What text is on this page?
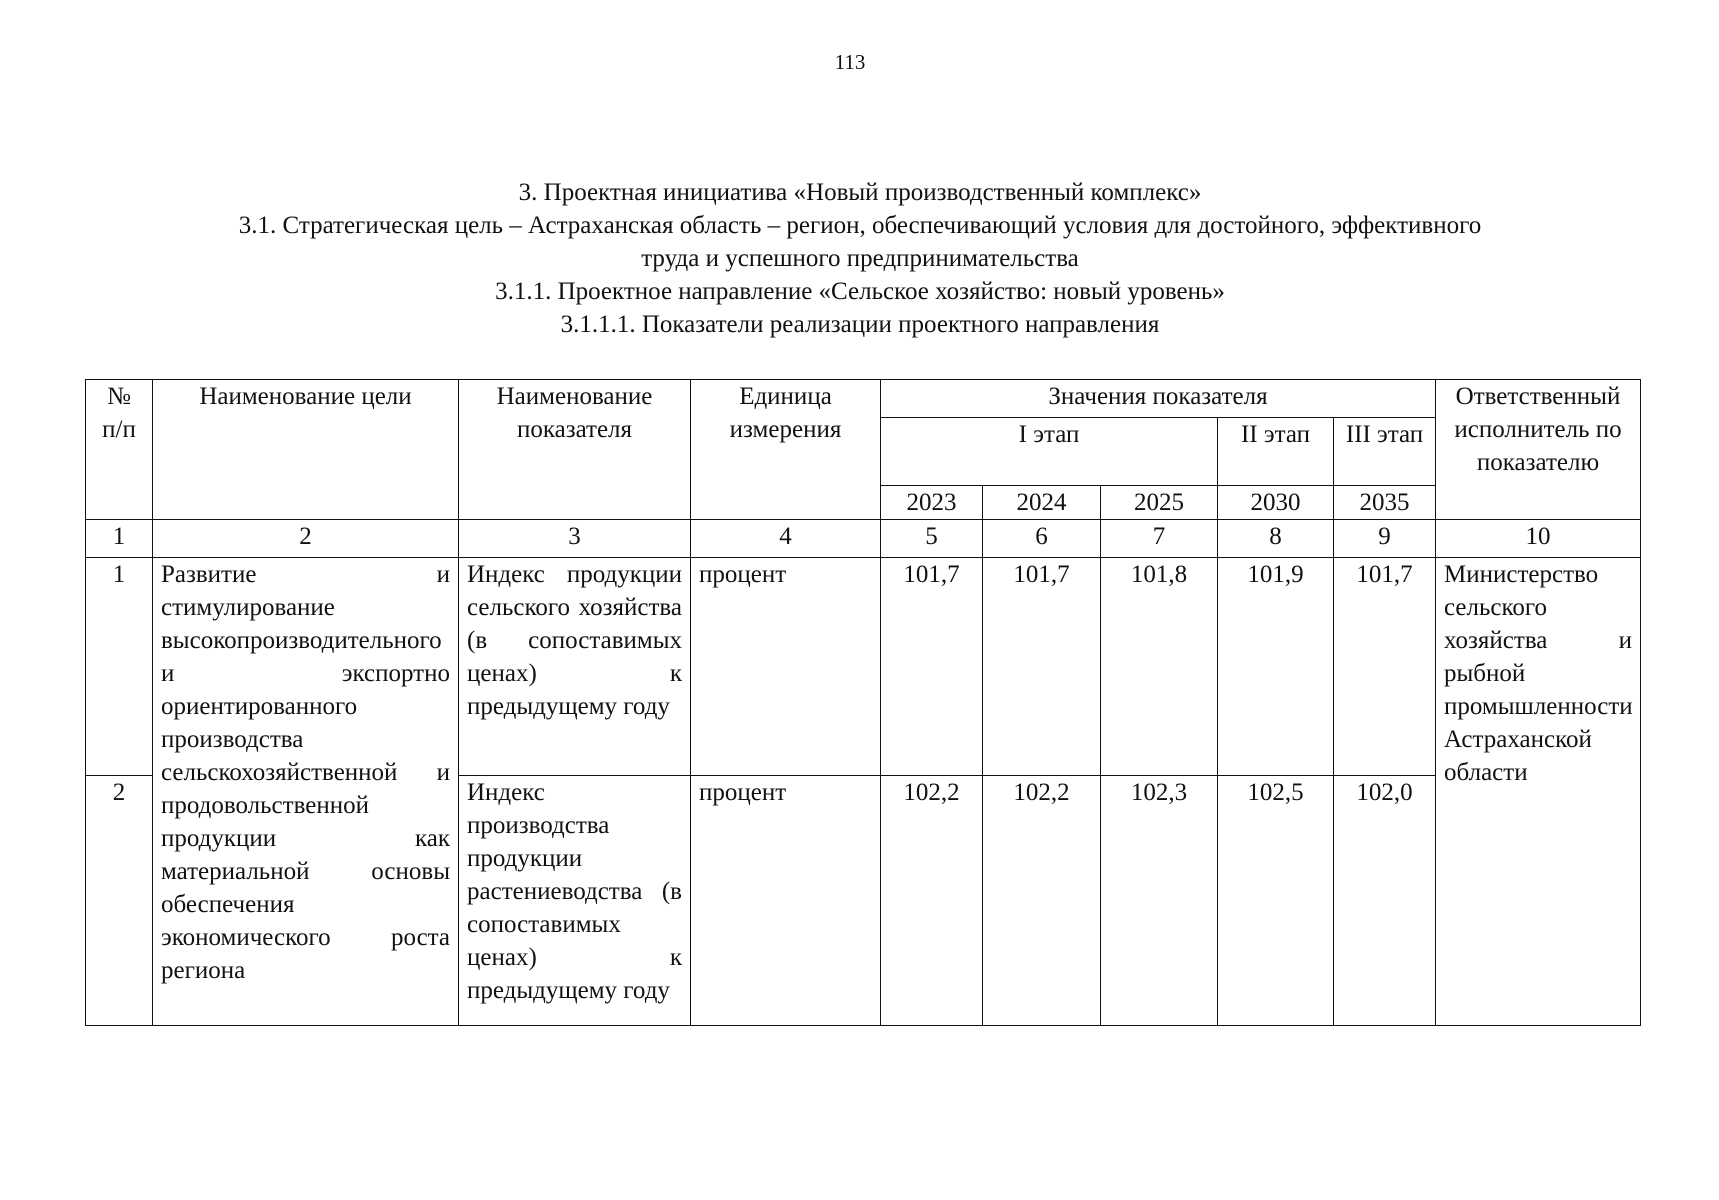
113
3. Проектная инициатива «Новый производственный комплекс»
3.1. Стратегическая цель – Астраханская область – регион, обеспечивающий условия для достойного, эффективного
труда и успешного предпринимательства
3.1.1. Проектное направление «Сельское хозяйство: новый уровень»
3.1.1.1. Показатели реализации проектного направления
№ п/п	Наименование цели	Наименование показателя	Единица измерения	Значения показателя					Ответственный исполнитель по показателю
				I этап			II этап	III этап	
				2023	2024	2025	2030	2035	
1	2	3	4	5	6	7	8	9	10
1	Развитие и стимулирование высокопроизводительного и экспортно ориентированного производства сельскохозяйственной и продовольственной продукции как материальной основы обеспечения экономического роста региона	Индекс продукции сельского хозяйства (в сопоставимых ценах) к предыдущему году	процент	101,7	101,7	101,8	101,9	101,7	Министерство сельского хозяйства и рыбной промышленности Астраханской области
2		Индекс производства продукции растениеводства (в сопоставимых ценах) к предыдущему году	процент	102,2	102,2	102,3	102,5	102,0	
